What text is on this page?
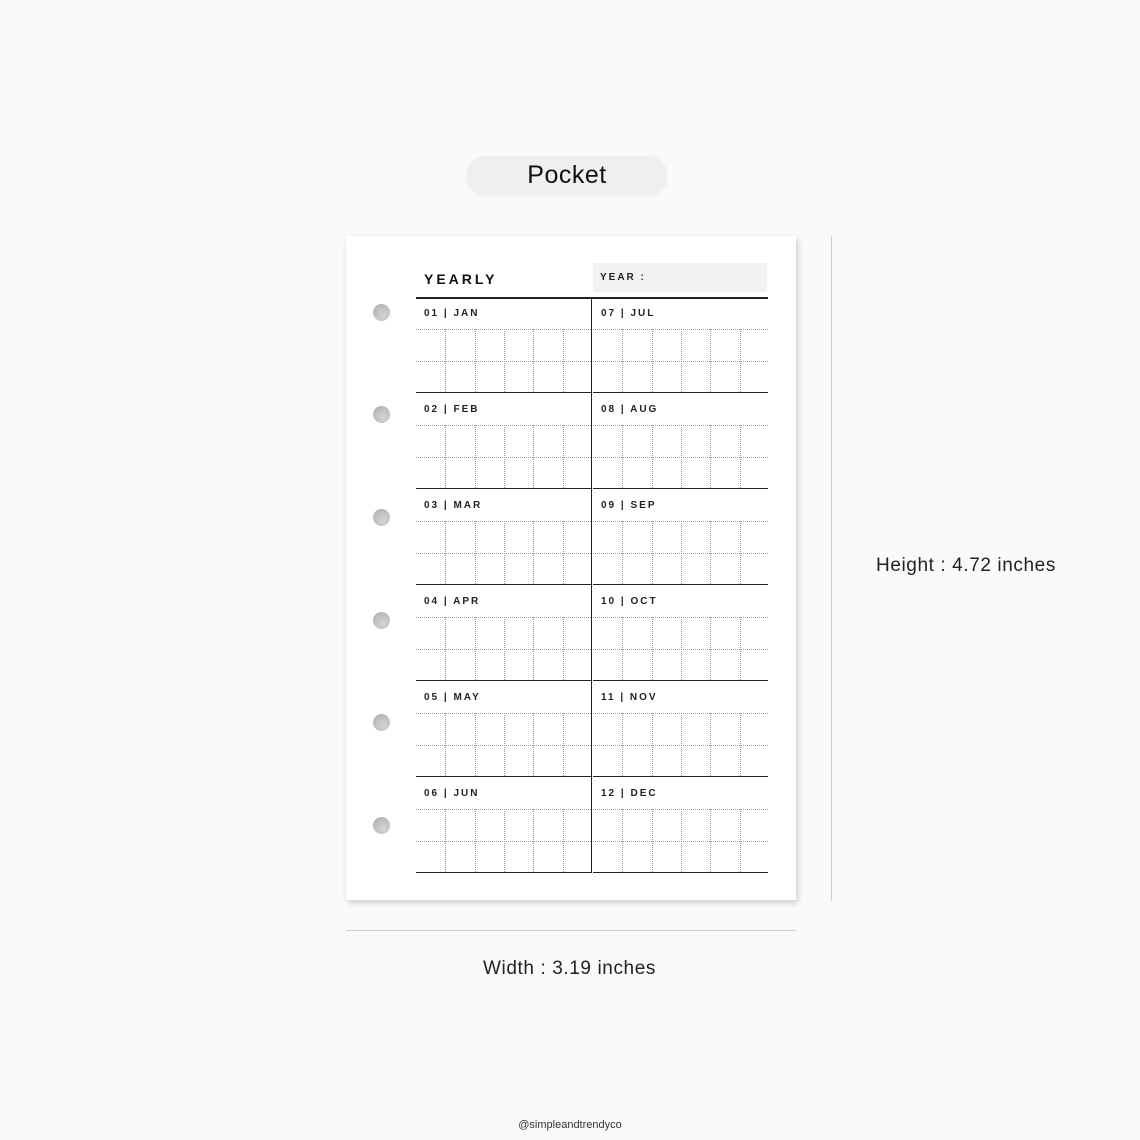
Pocket
YEARLY	YEAR :
01 | JAN
02 | FEB
03 | MAR
04 | APR
05 | MAY
06 | JUN
07 | JUL
08 | AUG
09 | SEP
10 | OCT
11 | NOV
12 | DEC
Height : 4.72 inches
Width : 3.19 inches
@simpleandtrendyco
